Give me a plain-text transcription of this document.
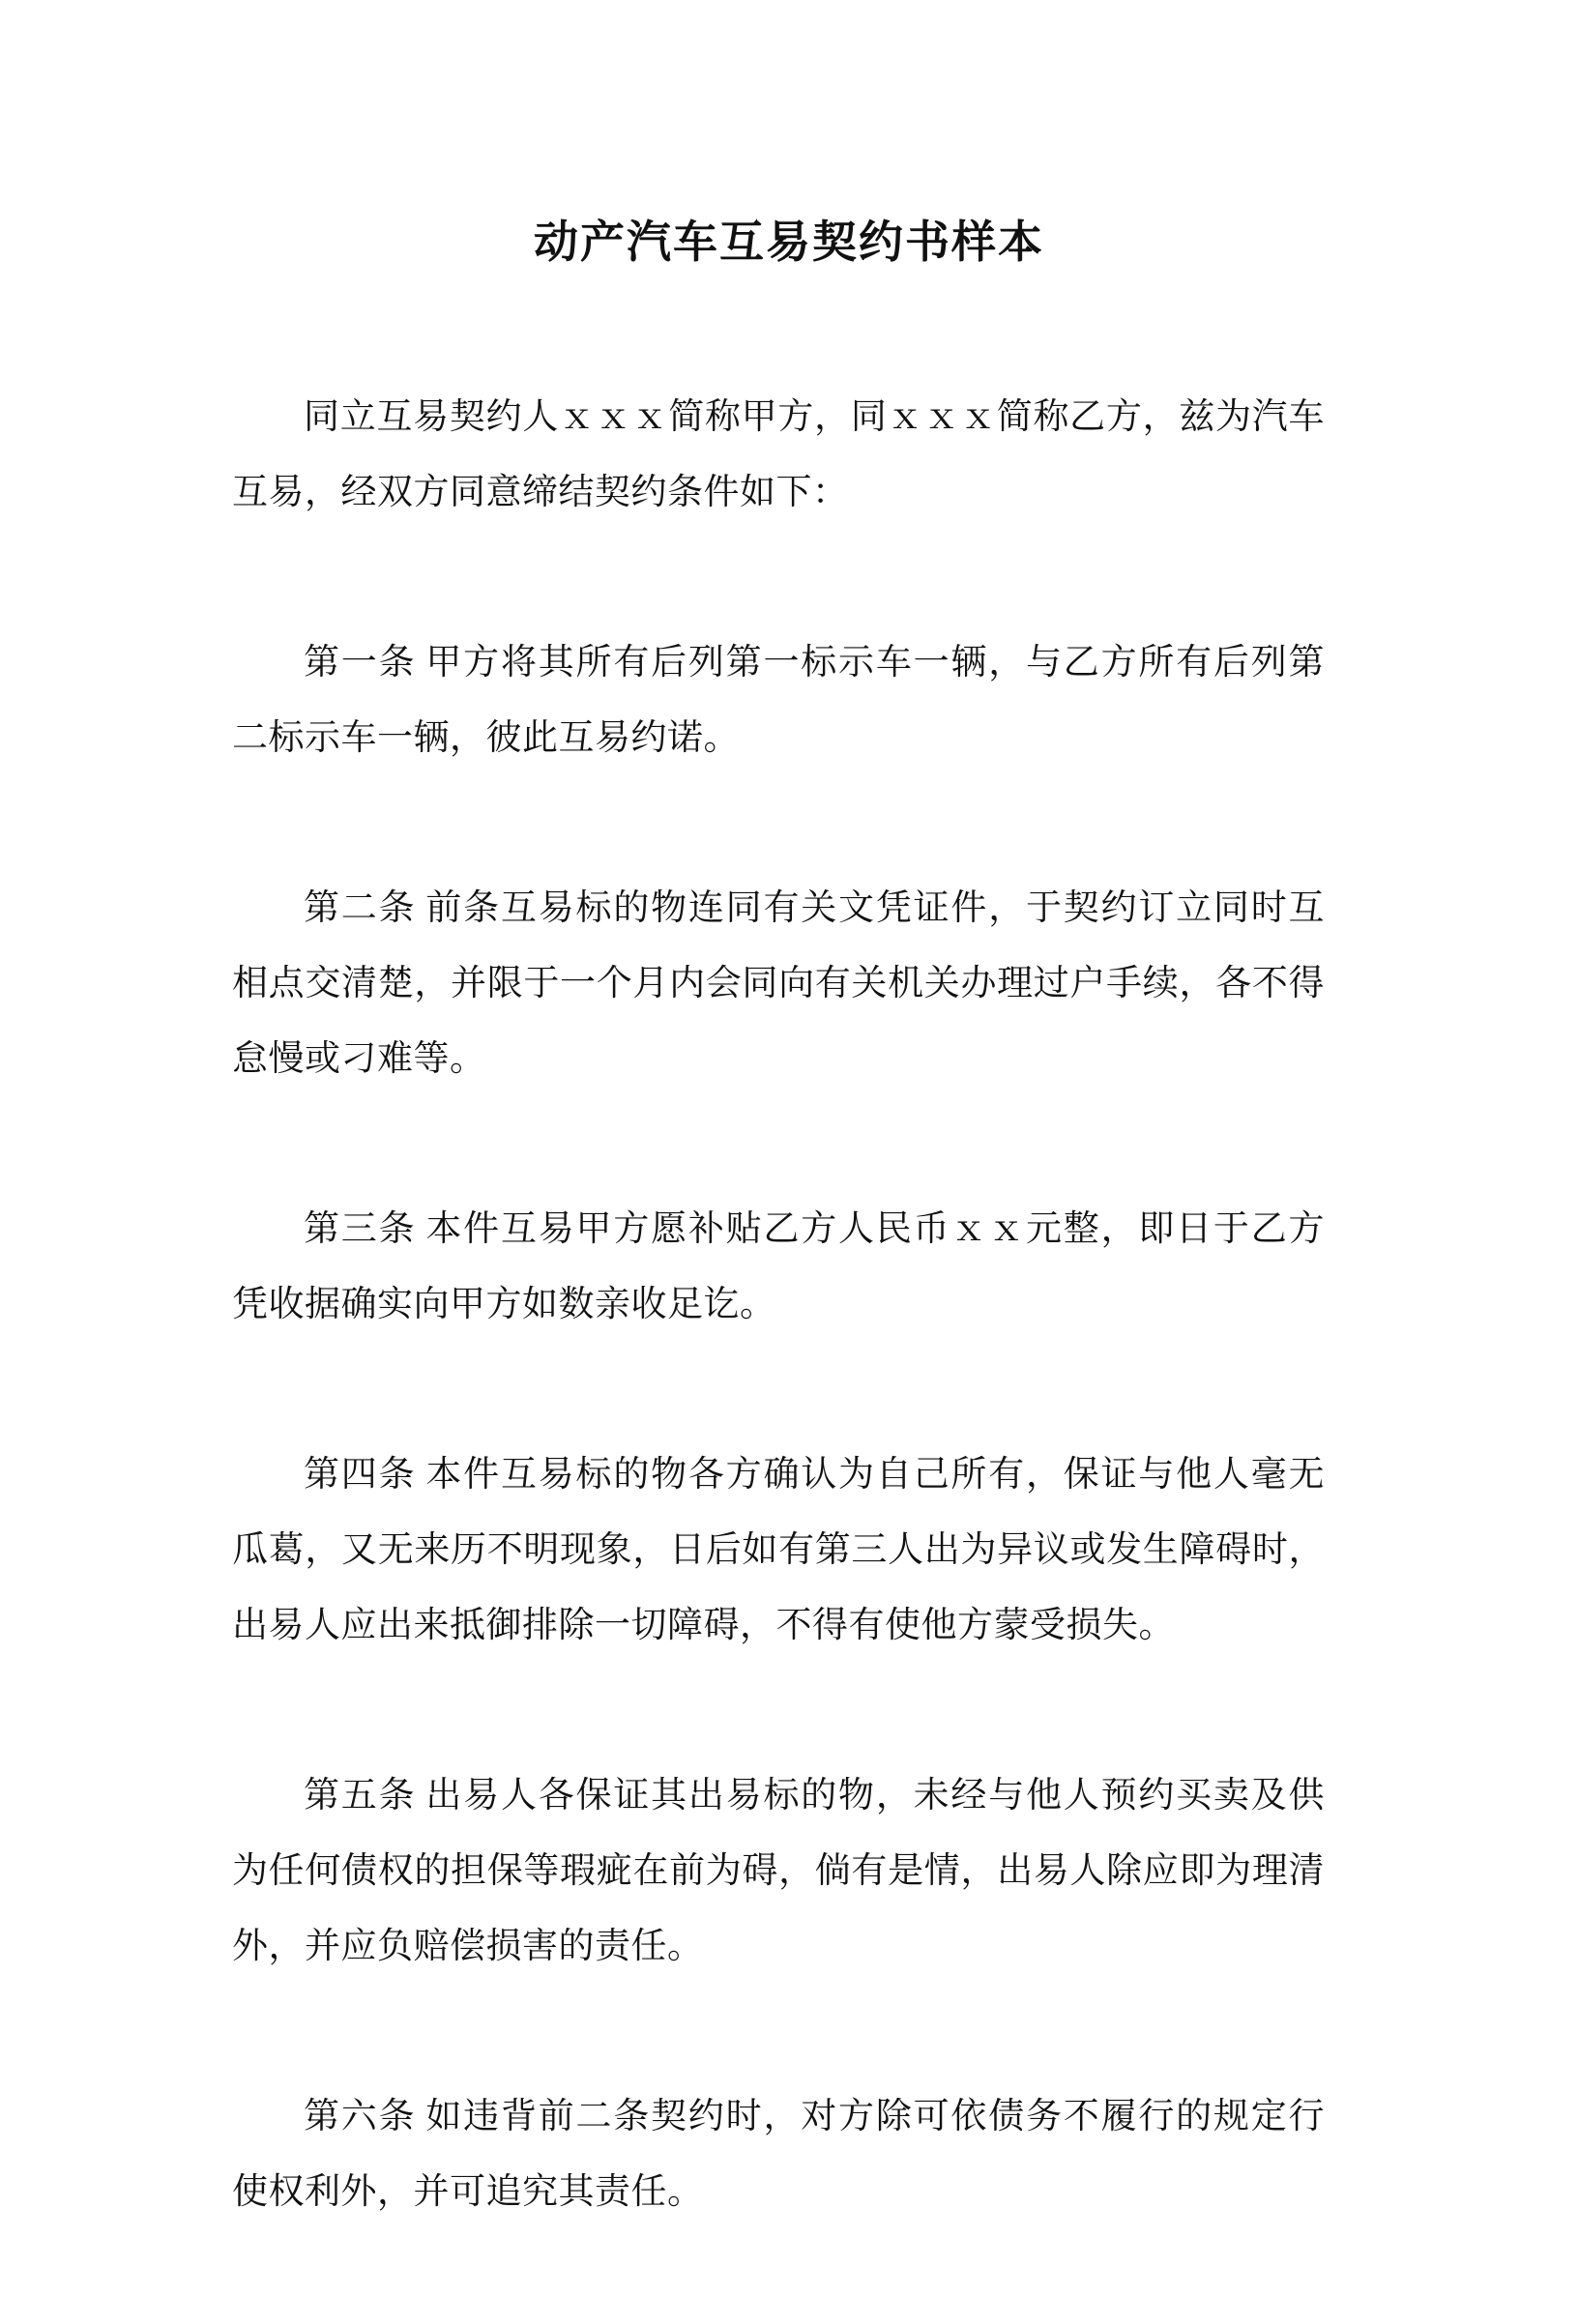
动产汽车互易契约书样本

同立互易契约人ｘｘｘ简称甲方，同ｘｘｘ简称乙方，兹为汽车互易，经双方同意缔结契约条件如下：

第一条 甲方将其所有后列第一标示车一辆，与乙方所有后列第二标示车一辆，彼此互易约诺。

第二条 前条互易标的物连同有关文凭证件，于契约订立同时互相点交清楚，并限于一个月内会同向有关机关办理过户手续，各不得怠慢或刁难等。

第三条 本件互易甲方愿补贴乙方人民币ｘｘ元整，即日于乙方凭收据确实向甲方如数亲收足讫。

第四条 本件互易标的物各方确认为自己所有，保证与他人毫无瓜葛，又无来历不明现象，日后如有第三人出为异议或发生障碍时，出易人应出来抵御排除一切障碍，不得有使他方蒙受损失。

第五条 出易人各保证其出易标的物，未经与他人预约买卖及供为任何债权的担保等瑕疵在前为碍，倘有是情，出易人除应即为理清外，并应负赔偿损害的责任。

第六条 如违背前二条契约时，对方除可依债务不履行的规定行使权利外，并可追究其责任。
